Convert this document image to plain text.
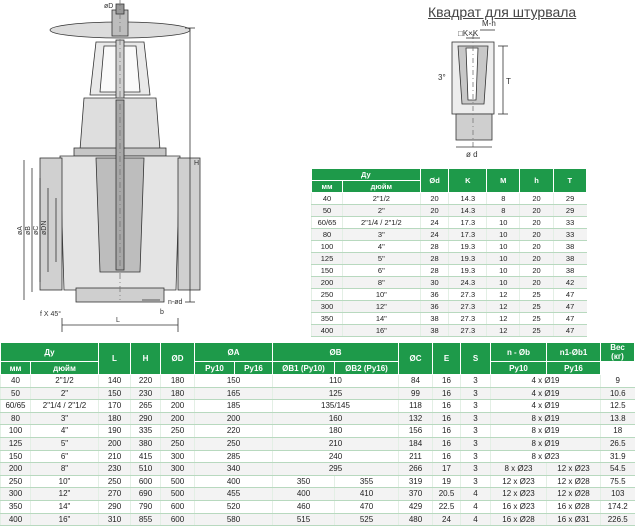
H
L
f X 45°	b
n-ød
øA øB øC øDN
øD
M-h
□K×K
3°	T
ø d
Квадрат для штурвала
Ду		Ød	K	M	h	T
мм	дюйм					
40	2"1/2	20	14.3	8	20	29
50	2"	20	14.3	8	20	29
60/65	2"1/4 / 2"1/2	24	17.3	10	20	33
80	3"	24	17.3	10	20	33
100	4"	28	19.3	10	20	38
125	5"	28	19.3	10	20	38
150	6"	28	19.3	10	20	38
200	8"	30	24.3	10	20	42
250	10"	36	27.3	12	25	47
300	12"	36	27.3	12	25	47
350	14"	38	27.3	12	25	47
400	16"	38	27.3	12	25	47
Ду		L	H	ØD	ØA		ØB		ØC	E	S	n - Øb	n1-Øb1	Вес
(кг)
мм	дюйм				Ру10	Ру16	ØB1 (Ру10)	ØB2 (Ру16)				Ру10	Ру16	
40	2"1/2	140	220	180	150		110		84	16	3	4 х Ø19		9
50	2"	150	230	180	165		125		99	16	3	4 х Ø19		10.6
60/65	2"1/4 / 2"1/2	170	265	200	185		135/145		118	16	3	4 х Ø19		12.5
80	3"	180	290	200	200		160		132	16	3	8 х Ø19		13.8
100	4"	190	335	250	220		180		156	16	3	8 х Ø19		18
125	5"	200	380	250	250		210		184	16	3	8 х Ø19		26.5
150	6"	210	415	300	285		240		211	16	3	8 х Ø23		31.9
200	8"	230	510	300	340		295		266	17	3	8 х Ø23	12 х Ø23	54.5
250	10"	250	600	500	400		350	355	319	19	3	12 х Ø23	12 х Ø28	75.5
300	12"	270	690	500	455		400	410	370	20.5	4	12 х Ø23	12 х Ø28	103
350	14"	290	790	600	520		460	470	429	22.5	4	16 х Ø23	16 х Ø28	174.2
400	16"	310	855	600	580		515	525	480	24	4	16 х Ø28	16 х Ø31	226.5
